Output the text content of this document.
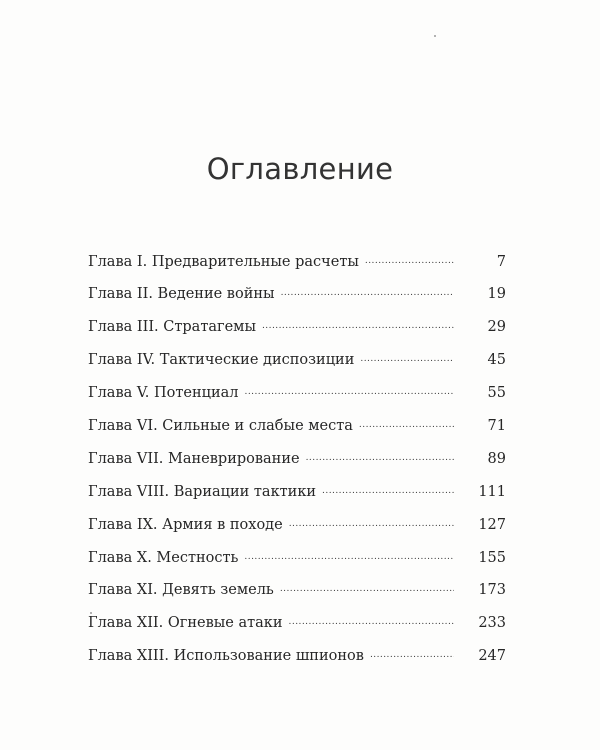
Оглавление
Глава I. Предварительные расчеты . . .	7
Глава II. Ведение войны . . .	19
Глава III. Стратагемы . . .	29
Глава IV. Тактические диспозиции . . .	45
Глава V. Потенциал . . .	55
Глава VI. Сильные и слабые места . . .	71
Глава VII. Маневрирование . . .	89
Глава VIII. Вариации тактики . . .	111
Глава IX. Армия в походе . . .	127
Глава X. Местность . . .	155
Глава XI. Девять земель . . .	173
Глава XII. Огневые атаки . . .	233
Глава XIII. Использование шпионов . . .	247
